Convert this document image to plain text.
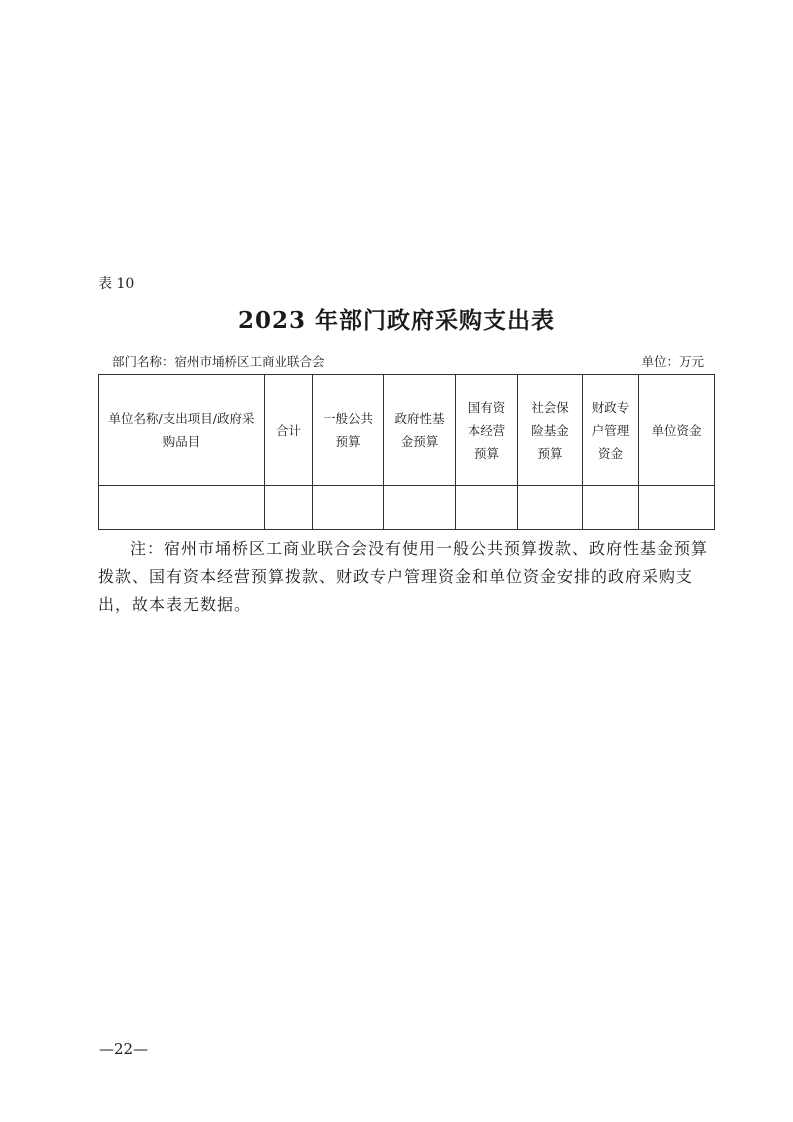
表 10
2023 年部门政府采购支出表
部门名称：宿州市埇桥区工商业联合会	单位：万元
单位名称/支出项目/政府采购品目	合计	一般公共预算	政府性基金预算	国有资本经营预算	社会保险基金预算	财政专户管理资金	单位资金

注：宿州市埇桥区工商业联合会没有使用一般公共预算拨款、政府性基金预算拨款、国有资本经营预算拨款、财政专户管理资金和单位资金安排的政府采购支出，故本表无数据。
—22—
